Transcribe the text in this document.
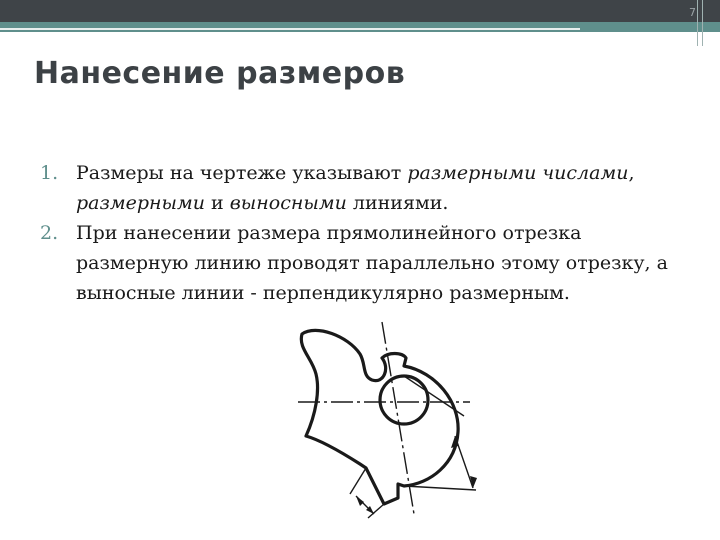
7
Нанесение размеров

1. Размеры на чертеже указывают размерными числами, размерными и выносными линиями.

2. При нанесении размера прямолинейного отрезка размерную линию проводят параллельно этому отрезку, а выносные линии - перпендикулярно размерным.
